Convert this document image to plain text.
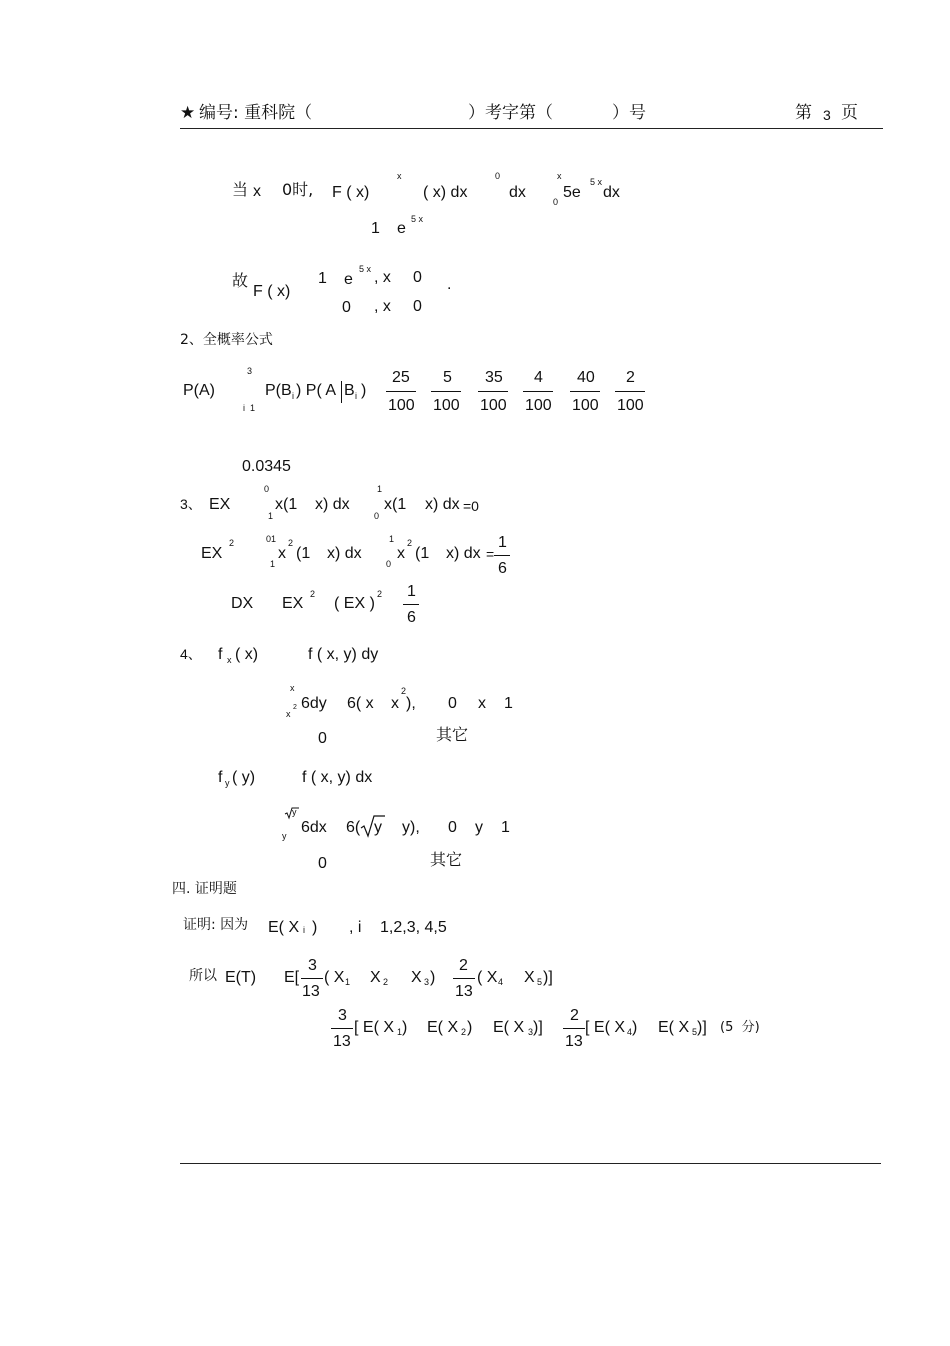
★ 编号: 重科院（	）考字第（	）号	第 3 页
当 x 0时, F ( x)
x
( x) dx
0
dx
x
0
5e
5 x
dx
1 e
5 x
故
F ( x)
1 e
5 x , x 0 .
0 , x 0
2、全概率公式
P(A)
3
i  1
P(B i ) P( A B i )
25
100
5
100
35
100
4
100
40
100
2
100
0.0345
3、 EX
0
1
x(1 x) dx
1
0
x(1 x) dx =0
EX
2	01
1
x
2
(1 x) dx
1
0
x
2
(1 x) dx =
1
6
DX EX
2
( EX )
2 1
6
4、 f x ( x)	f ( x, y) dy
x
x
2 6dy 6( x x
2
), 0 x 1
0	其它
f y ( y)	f ( x, y) dx
y
y 6dx 6( y y), 0 y 1
0	其它
四. 证明题
证明: 因为 E( X i ) , i 1,2,3, 4,5
所以 E(T) E[
3
13
( X 1 X 2 X 3 )
2
13
( X 4 X 5 )]
3
13
[ E( X 1 ) E( X 2 ) E( X 3 )]
2
13
[ E( X 4 ) E( X 5 )] (5  分)
